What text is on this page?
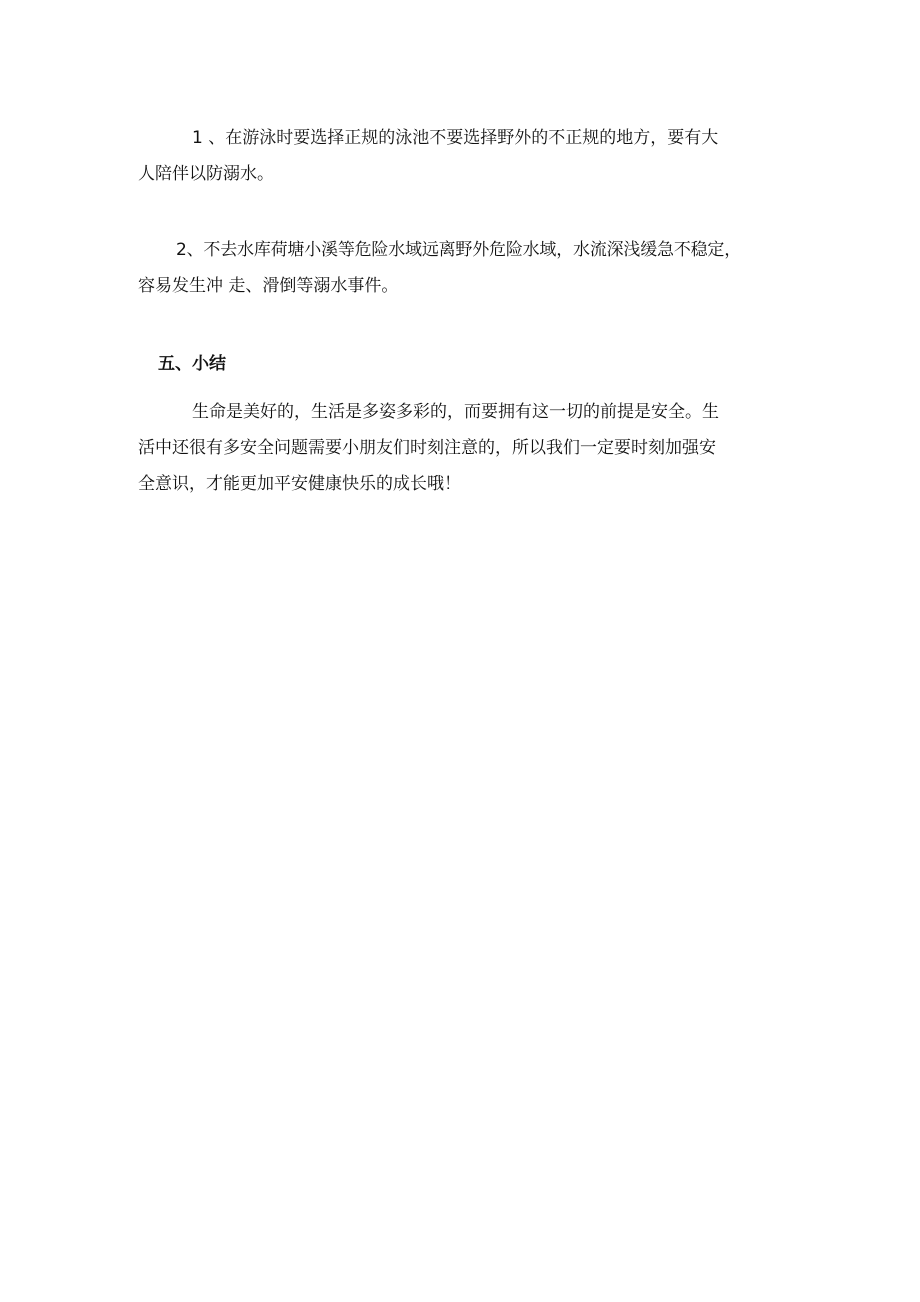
1 、在游泳时要选择正规的泳池不要选择野外的不正规的地方，要有大
人陪伴以防溺水。

2、不去水库荷塘小溪等危险水域远离野外危险水域，水流深浅缓急不稳定，
容易发生冲 走、滑倒等溺水事件。

五、小结

生命是美好的，生活是多姿多彩的，而要拥有这一切的前提是安全。生
活中还很有多安全问题需要小朋友们时刻注意的，所以我们一定要时刻加强安
全意识，才能更加平安健康快乐的成长哦！
